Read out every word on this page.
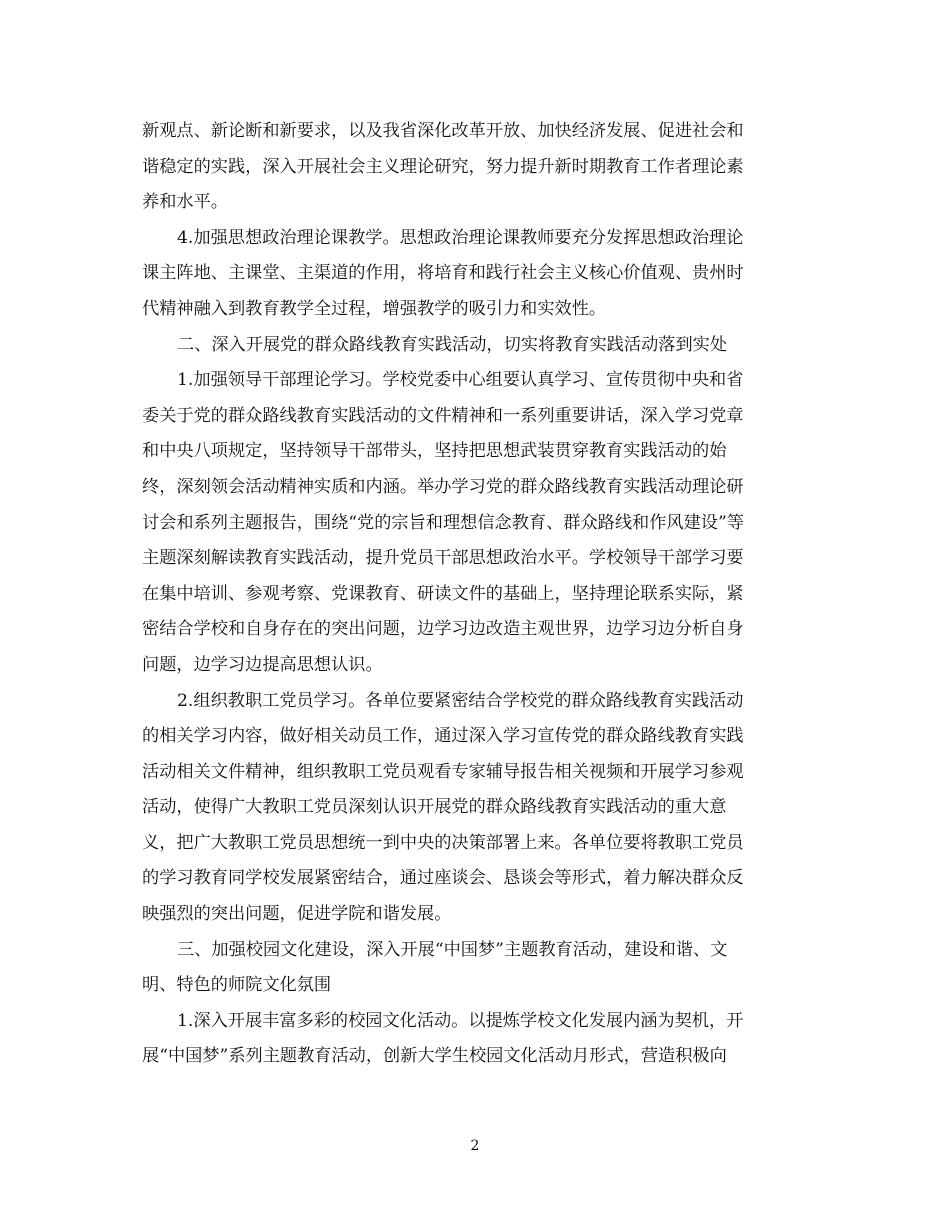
新观点、新论断和新要求，以及我省深化改革开放、加快经济发展、促进社会和
谐稳定的实践，深入开展社会主义理论研究，努力提升新时期教育工作者理论素
养和水平。

4.加强思想政治理论课教学。思想政治理论课教师要充分发挥思想政治理论
课主阵地、主课堂、主渠道的作用，将培育和践行社会主义核心价值观、贵州时
代精神融入到教育教学全过程，增强教学的吸引力和实效性。

二、深入开展党的群众路线教育实践活动，切实将教育实践活动落到实处

1.加强领导干部理论学习。学校党委中心组要认真学习、宣传贯彻中央和省
委关于党的群众路线教育实践活动的文件精神和一系列重要讲话，深入学习党章
和中央八项规定，坚持领导干部带头，坚持把思想武装贯穿教育实践活动的始
终，深刻领会活动精神实质和内涵。举办学习党的群众路线教育实践活动理论研
讨会和系列主题报告，围绕“党的宗旨和理想信念教育、群众路线和作风建设”等
主题深刻解读教育实践活动，提升党员干部思想政治水平。学校领导干部学习要
在集中培训、参观考察、党课教育、研读文件的基础上，坚持理论联系实际，紧
密结合学校和自身存在的突出问题，边学习边改造主观世界，边学习边分析自身
问题，边学习边提高思想认识。

2.组织教职工党员学习。各单位要紧密结合学校党的群众路线教育实践活动
的相关学习内容，做好相关动员工作，通过深入学习宣传党的群众路线教育实践
活动相关文件精神，组织教职工党员观看专家辅导报告相关视频和开展学习参观
活动，使得广大教职工党员深刻认识开展党的群众路线教育实践活动的重大意
义，把广大教职工党员思想统一到中央的决策部署上来。各单位要将教职工党员
的学习教育同学校发展紧密结合，通过座谈会、恳谈会等形式，着力解决群众反
映强烈的突出问题，促进学院和谐发展。

三、加强校园文化建设，深入开展“中国梦”主题教育活动，建设和谐、文
明、特色的师院文化氛围

1.深入开展丰富多彩的校园文化活动。以提炼学校文化发展内涵为契机，开
展“中国梦”系列主题教育活动，创新大学生校园文化活动月形式，营造积极向

2
